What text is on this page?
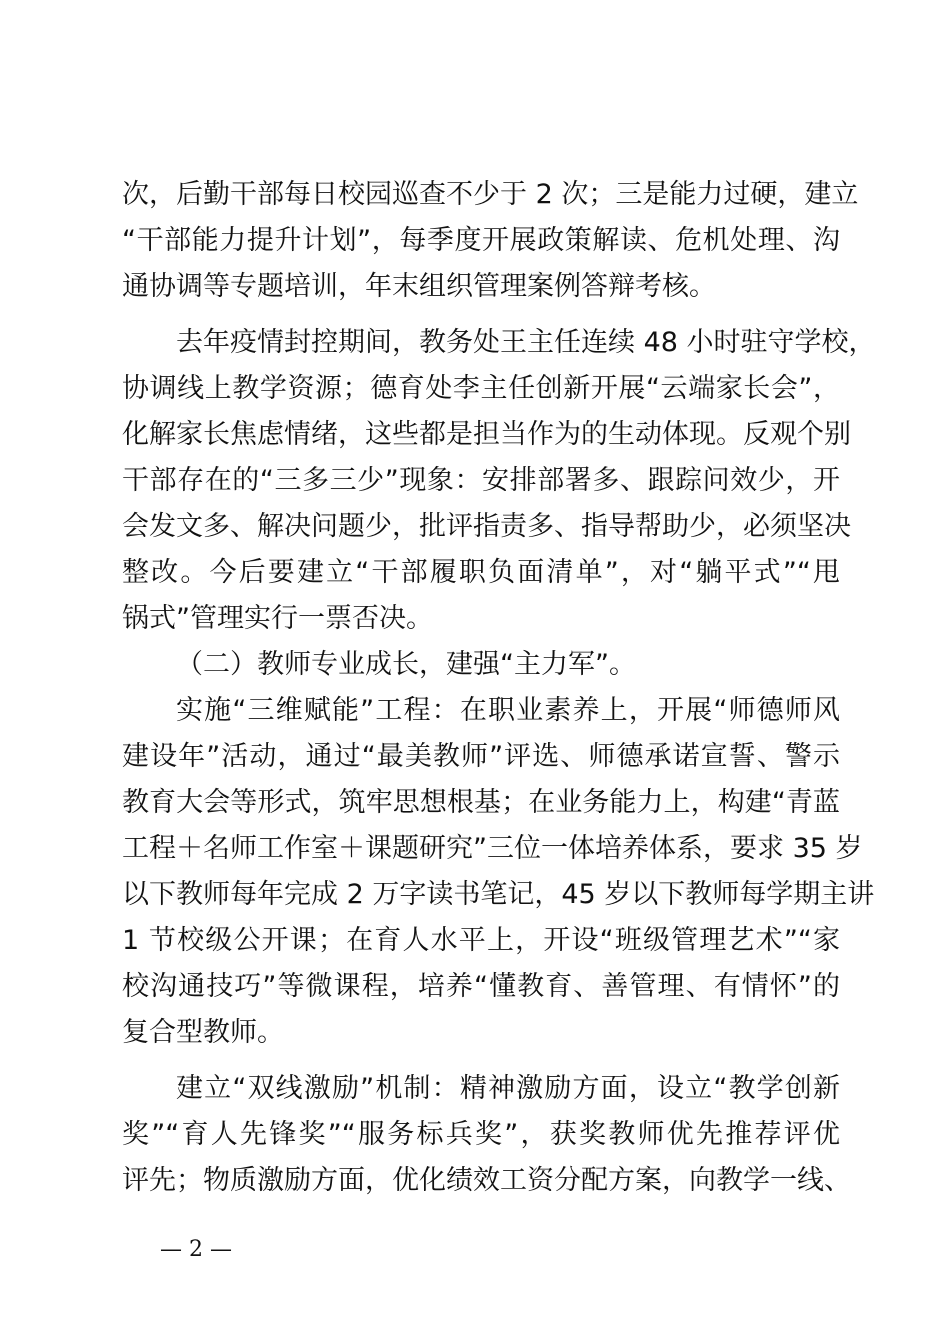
次，后勤干部每日校园巡查不少于 2 次；三是能力过硬，建立
“干部能力提升计划”，每季度开展政策解读、危机处理、沟
通协调等专题培训，年末组织管理案例答辩考核。
去年疫情封控期间，教务处王主任连续 48 小时驻守学校，
协调线上教学资源；德育处李主任创新开展“云端家长会”，
化解家长焦虑情绪，这些都是担当作为的生动体现。反观个别
干部存在的“三多三少”现象：安排部署多、跟踪问效少，开
会发文多、解决问题少，批评指责多、指导帮助少，必须坚决
整改。今后要建立“干部履职负面清单”，对“躺平式”“甩
锅式”管理实行一票否决。
（二）教师专业成长，建强“主力军”。
实施“三维赋能”工程：在职业素养上，开展“师德师风
建设年”活动，通过“最美教师”评选、师德承诺宣誓、警示
教育大会等形式，筑牢思想根基；在业务能力上，构建“青蓝
工程＋名师工作室＋课题研究”三位一体培养体系，要求 35 岁
以下教师每年完成 2 万字读书笔记，45 岁以下教师每学期主讲
1 节校级公开课；在育人水平上，开设“班级管理艺术”“家
校沟通技巧”等微课程，培养“懂教育、善管理、有情怀”的
复合型教师。
建立“双线激励”机制：精神激励方面，设立“教学创新
奖”“育人先锋奖”“服务标兵奖”，获奖教师优先推荐评优
评先；物质激励方面，优化绩效工资分配方案，向教学一线、
— 2 —
